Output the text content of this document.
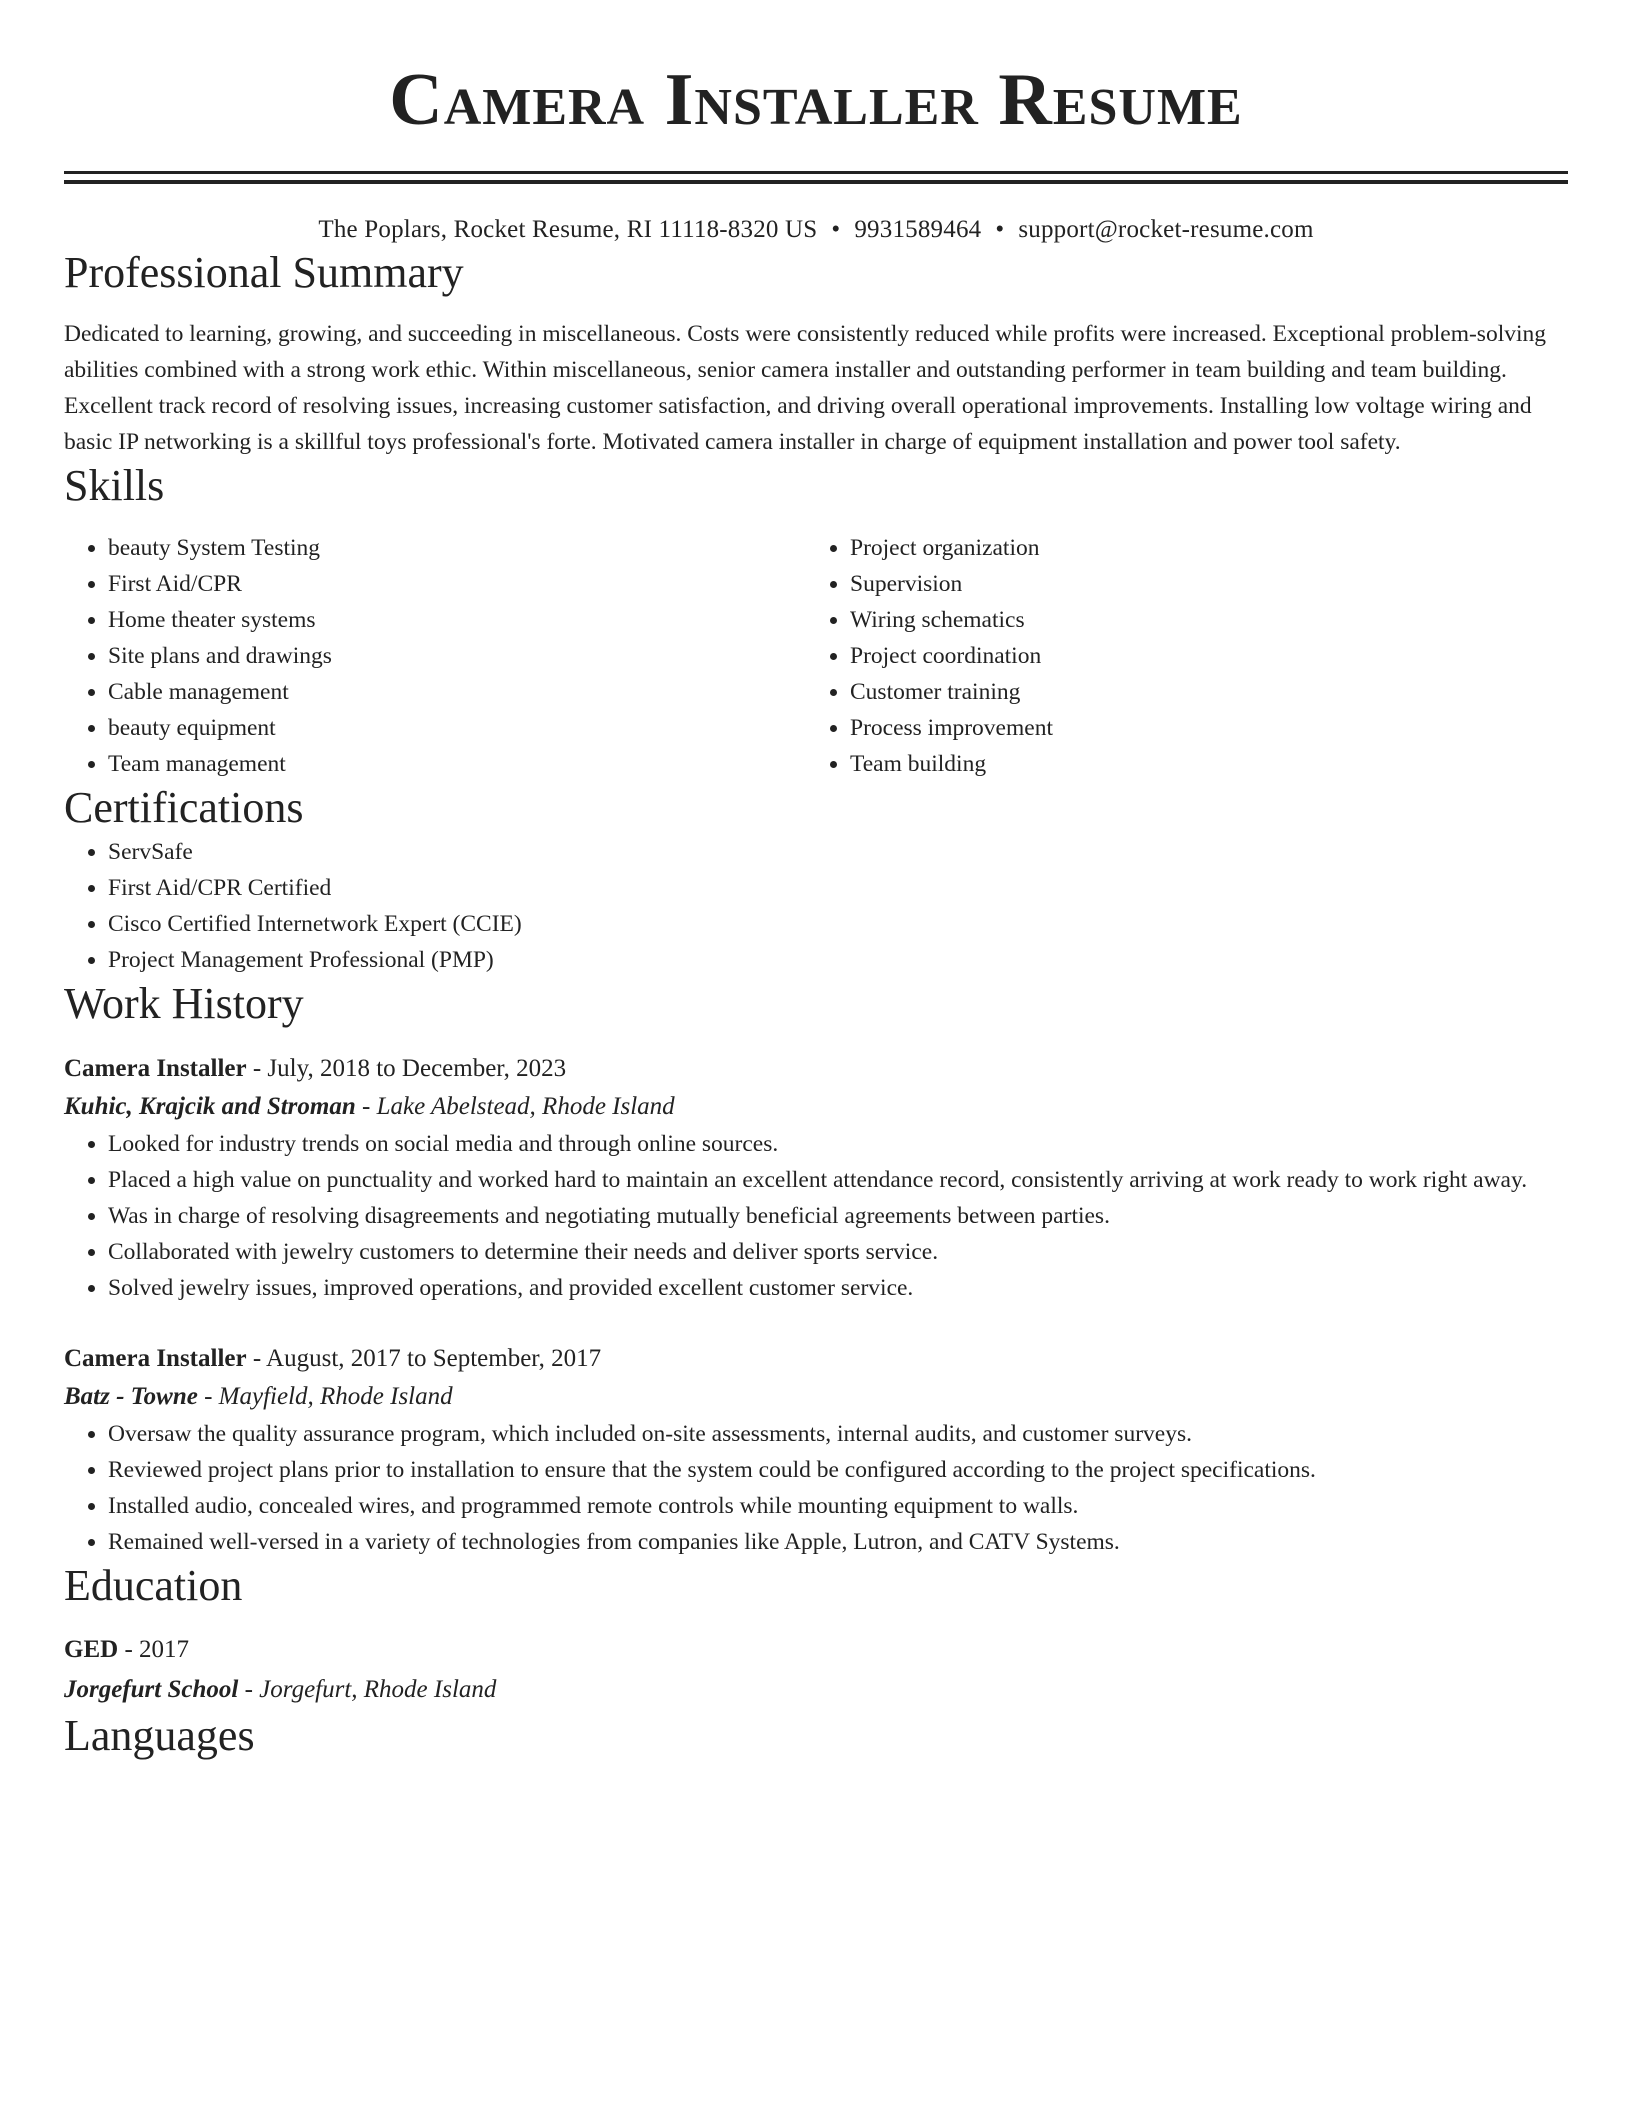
Camera Installer Resume
The Poplars, Rocket Resume, RI 11118-8320 US • 9931589464 • support@rocket-resume.com
Professional Summary
Dedicated to learning, growing, and succeeding in miscellaneous. Costs were consistently reduced while profits were increased. Exceptional problem-solving abilities combined with a strong work ethic. Within miscellaneous, senior camera installer and outstanding performer in team building and team building. Excellent track record of resolving issues, increasing customer satisfaction, and driving overall operational improvements. Installing low voltage wiring and basic IP networking is a skillful toys professional's forte. Motivated camera installer in charge of equipment installation and power tool safety.
Skills
• beauty System Testing
• First Aid/CPR
• Home theater systems
• Site plans and drawings
• Cable management
• beauty equipment
• Team management
• Project organization
• Supervision
• Wiring schematics
• Project coordination
• Customer training
• Process improvement
• Team building
Certifications
• ServSafe
• First Aid/CPR Certified
• Cisco Certified Internetwork Expert (CCIE)
• Project Management Professional (PMP)
Work History
Camera Installer - July, 2018 to December, 2023
Kuhic, Krajcik and Stroman - Lake Abelstead, Rhode Island
• Looked for industry trends on social media and through online sources.
• Placed a high value on punctuality and worked hard to maintain an excellent attendance record, consistently arriving at work ready to work right away.
• Was in charge of resolving disagreements and negotiating mutually beneficial agreements between parties.
• Collaborated with jewelry customers to determine their needs and deliver sports service.
• Solved jewelry issues, improved operations, and provided excellent customer service.
Camera Installer - August, 2017 to September, 2017
Batz - Towne - Mayfield, Rhode Island
• Oversaw the quality assurance program, which included on-site assessments, internal audits, and customer surveys.
• Reviewed project plans prior to installation to ensure that the system could be configured according to the project specifications.
• Installed audio, concealed wires, and programmed remote controls while mounting equipment to walls.
• Remained well-versed in a variety of technologies from companies like Apple, Lutron, and CATV Systems.
Education
GED - 2017
Jorgefurt School - Jorgefurt, Rhode Island
Languages
